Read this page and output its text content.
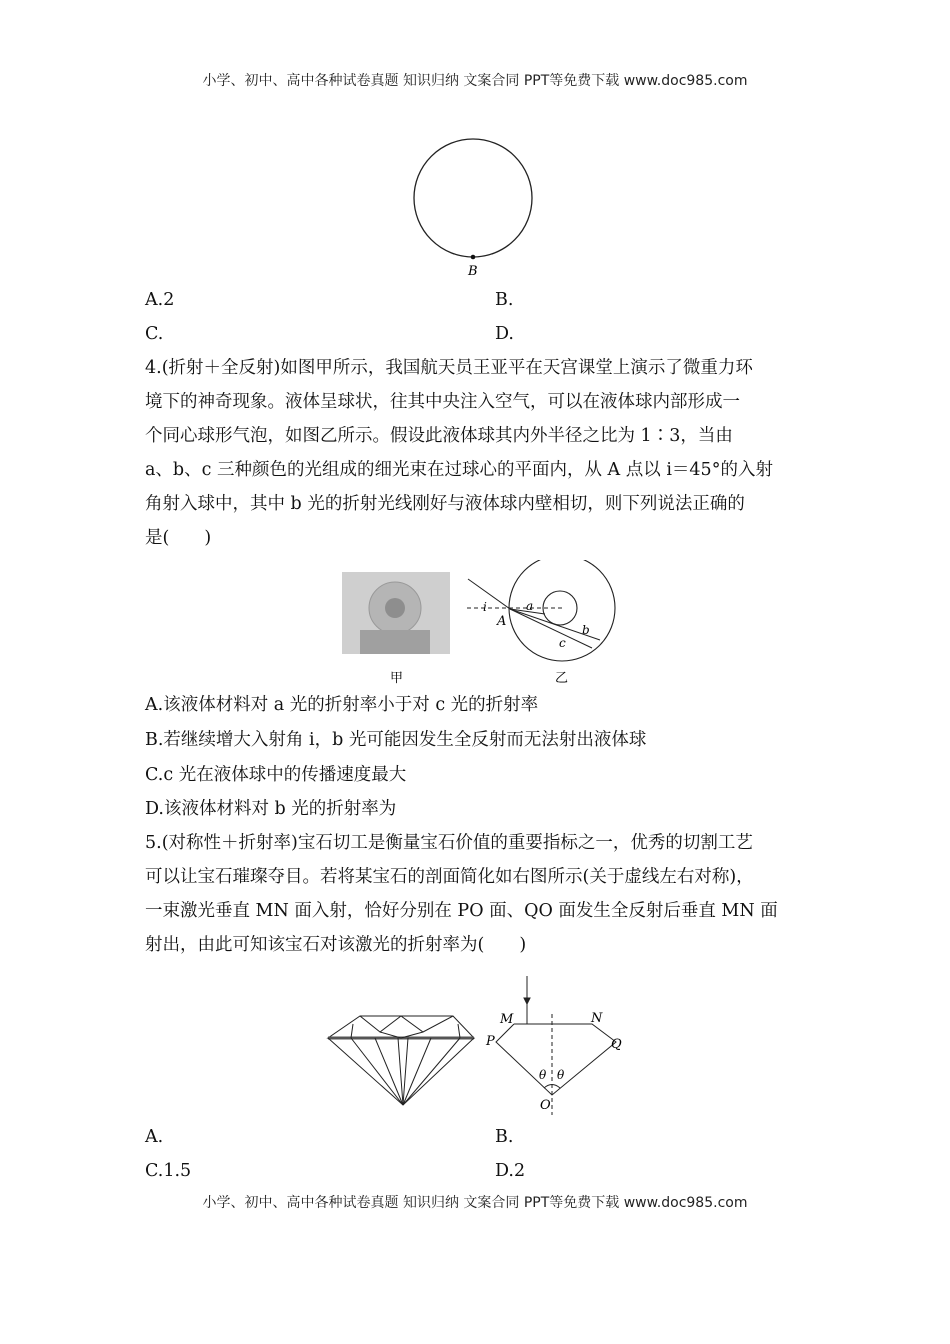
小学、初中、高中各种试卷真题 知识归纳 文案合同 PPT等免费下载 www.doc985.com
B
A.2	B.
C.	D.
4.(折射＋全反射)如图甲所示，我国航天员王亚平在天宫课堂上演示了微重力环
境下的神奇现象。液体呈球状，往其中央注入空气，可以在液体球内部形成一
个同心球形气泡，如图乙所示。假设此液体球其内外半径之比为 1∶3，当由
a、b、c 三种颜色的光组成的细光束在过球心的平面内，从 A 点以 i＝45°的入射
角射入球中，其中 b 光的折射光线刚好与液体球内壁相切，则下列说法正确的
是(　　)
甲
i
A
a
b
c
乙
A.该液体材料对 a 光的折射率小于对 c 光的折射率
B.若继续增大入射角 i，b 光可能因发生全反射而无法射出液体球
C.c 光在液体球中的传播速度最大
D.该液体材料对 b 光的折射率为
5.(对称性＋折射率)宝石切工是衡量宝石价值的重要指标之一，优秀的切割工艺
可以让宝石璀璨夺目。若将某宝石的剖面简化如右图所示(关于虚线左右对称)，
一束激光垂直 MN 面入射，恰好分别在 PO 面、QO 面发生全反射后垂直 MN 面
射出，由此可知该宝石对该激光的折射率为(　　)
M	N
P	Q
O
θ θ
A.	B.
C.1.5	D.2
小学、初中、高中各种试卷真题 知识归纳 文案合同 PPT等免费下载 www.doc985.com
